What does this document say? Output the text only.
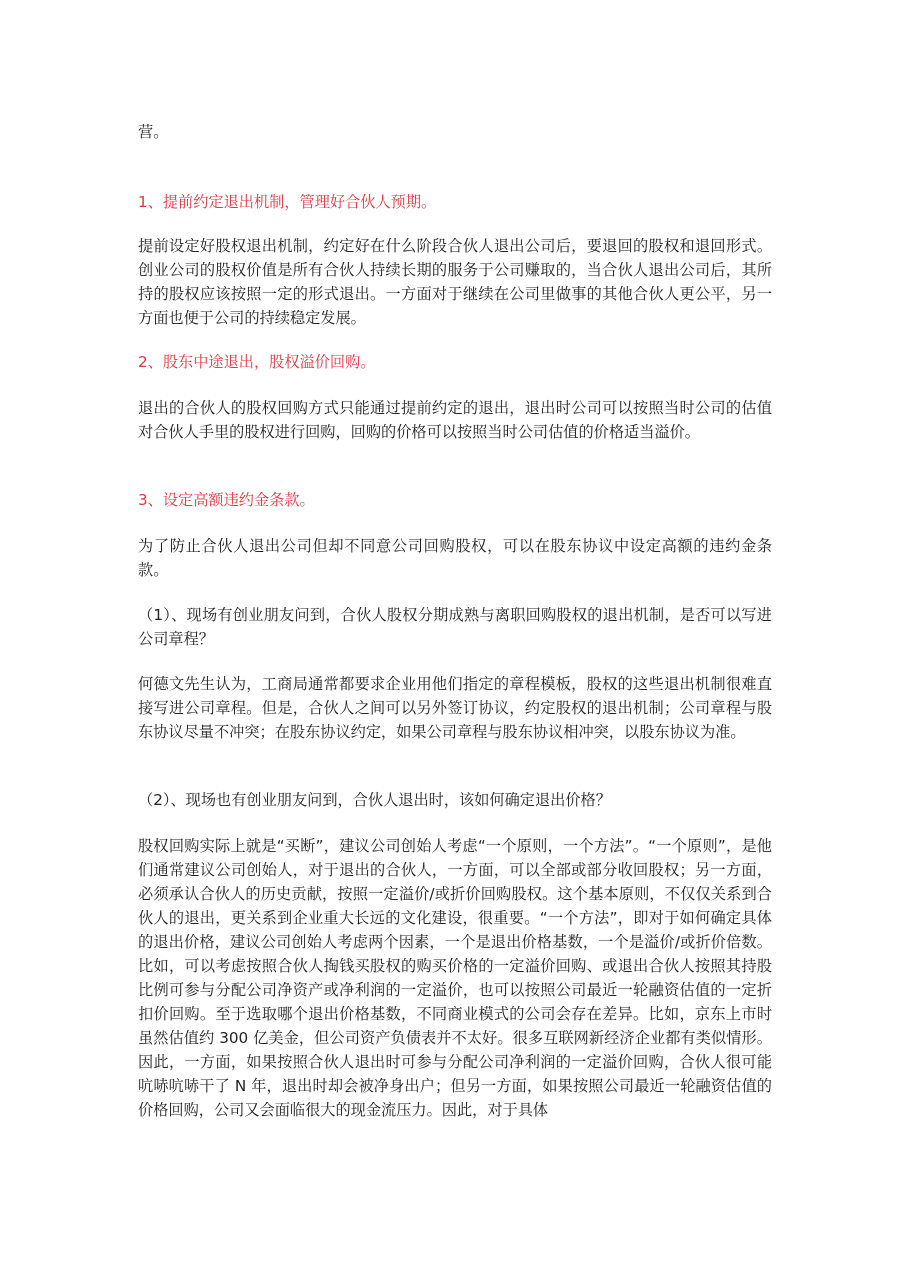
营。

1、提前约定退出机制，管理好合伙人预期。

提前设定好股权退出机制，约定好在什么阶段合伙人退出公司后，要退回的股权和退回形式。创业公司的股权价值是所有合伙人持续长期的服务于公司赚取的，当合伙人退出公司后，其所持的股权应该按照一定的形式退出。一方面对于继续在公司里做事的其他合伙人更公平，另一方面也便于公司的持续稳定发展。

2、股东中途退出，股权溢价回购。

退出的合伙人的股权回购方式只能通过提前约定的退出，退出时公司可以按照当时公司的估值对合伙人手里的股权进行回购，回购的价格可以按照当时公司估值的价格适当溢价。

3、设定高额违约金条款。

为了防止合伙人退出公司但却不同意公司回购股权，可以在股东协议中设定高额的违约金条款。

（1）、现场有创业朋友问到，合伙人股权分期成熟与离职回购股权的退出机制，是否可以写进公司章程？

何德文先生认为，工商局通常都要求企业用他们指定的章程模板，股权的这些退出机制很难直接写进公司章程。但是，合伙人之间可以另外签订协议，约定股权的退出机制；公司章程与股东协议尽量不冲突；在股东协议约定，如果公司章程与股东协议相冲突，以股东协议为准。

（2）、现场也有创业朋友问到，合伙人退出时，该如何确定退出价格？

股权回购实际上就是“买断”，建议公司创始人考虑“一个原则，一个方法”。“一个原则”，是他们通常建议公司创始人，对于退出的合伙人，一方面，可以全部或部分收回股权；另一方面，必须承认合伙人的历史贡献，按照一定溢价/或折价回购股权。这个基本原则，不仅仅关系到合伙人的退出，更关系到企业重大长远的文化建设，很重要。“一个方法”，即对于如何确定具体的退出价格，建议公司创始人考虑两个因素，一个是退出价格基数，一个是溢价/或折价倍数。比如，可以考虑按照合伙人掏钱买股权的购买价格的一定溢价回购、或退出合伙人按照其持股比例可参与分配公司净资产或净利润的一定溢价，也可以按照公司最近一轮融资估值的一定折扣价回购。至于选取哪个退出价格基数，不同商业模式的公司会存在差异。比如，京东上市时虽然估值约 300 亿美金，但公司资产负债表并不太好。很多互联网新经济企业都有类似情形。因此，一方面，如果按照合伙人退出时可参与分配公司净利润的一定溢价回购，合伙人很可能吭哧吭哧干了 N 年，退出时却会被净身出户；但另一方面，如果按照公司最近一轮融资估值的价格回购，公司又会面临很大的现金流压力。因此，对于具体
